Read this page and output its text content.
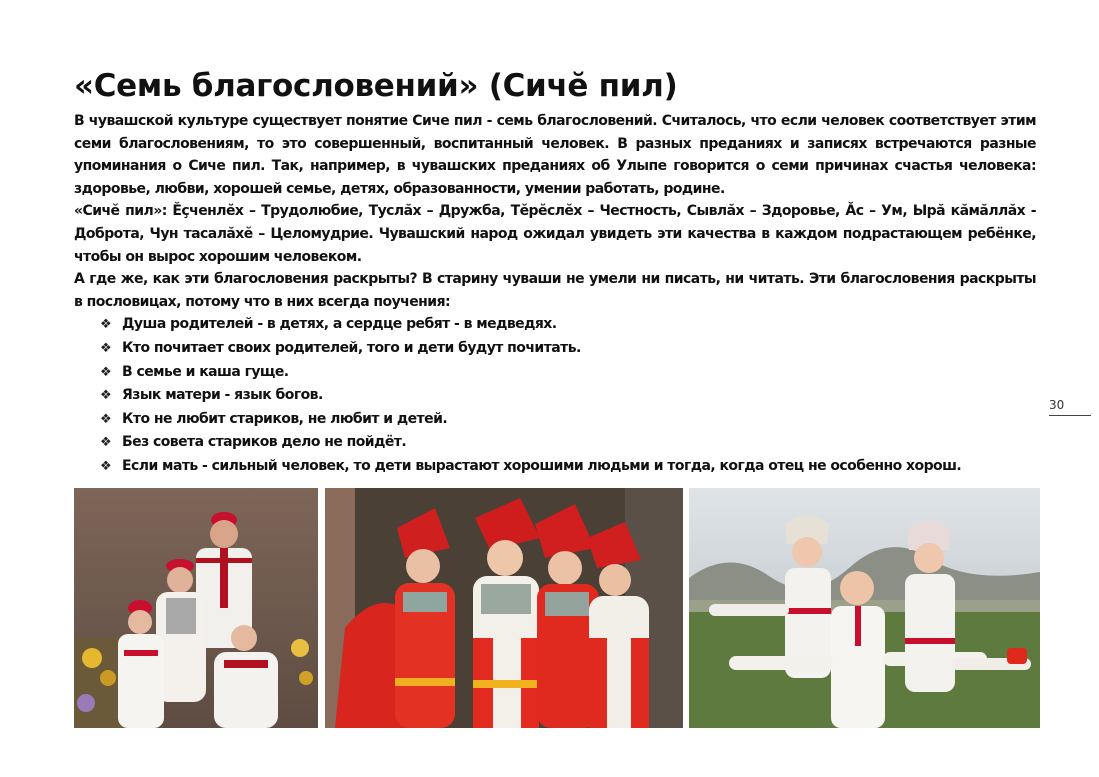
«Семь благословений» (Сичĕ пил)

В чувашской культуре существует понятие Сиче пил - семь благословений. Считалось, что если человек соответствует этим семи благословениям, то это совершенный, воспитанный человек. В разных преданиях и записях встречаются разные упоминания о Сиче пил. Так, например, в чувашских преданиях об Улыпе говорится о семи причинах счастья человека: здоровье, любви, хорошей семье, детях, образованности, умении работать, родине.

«Сичĕ пил»: Ĕçченлĕх – Трудолюбие, Туслăх – Дружба, Тĕрĕслĕх – Честность, Сывлăх – Здоровье, Ăс – Ум, Ырă кăмăллăх - Доброта, Чун тасалăхĕ – Целомудрие. Чувашский народ ожидал увидеть эти качества в каждом подрастающем ребёнке, чтобы он вырос хорошим человеком.

А где же, как эти благословения раскрыты? В старину чуваши не умели ни писать, ни читать. Эти благословения раскрыты в пословицах, потому что в них всегда поучения:

❖ Душа родителей - в детях, а сердце ребят - в медведях.
❖ Кто почитает своих родителей, того и дети будут почитать.
❖ В семье и каша гуще.
❖ Язык матери - язык богов.
❖ Кто не любит стариков, не любит и детей.
❖ Без совета стариков дело не пойдёт.
❖ Если мать - сильный человек, то дети вырастают хорошими людьми и тогда, когда отец не особенно хорош.
30
